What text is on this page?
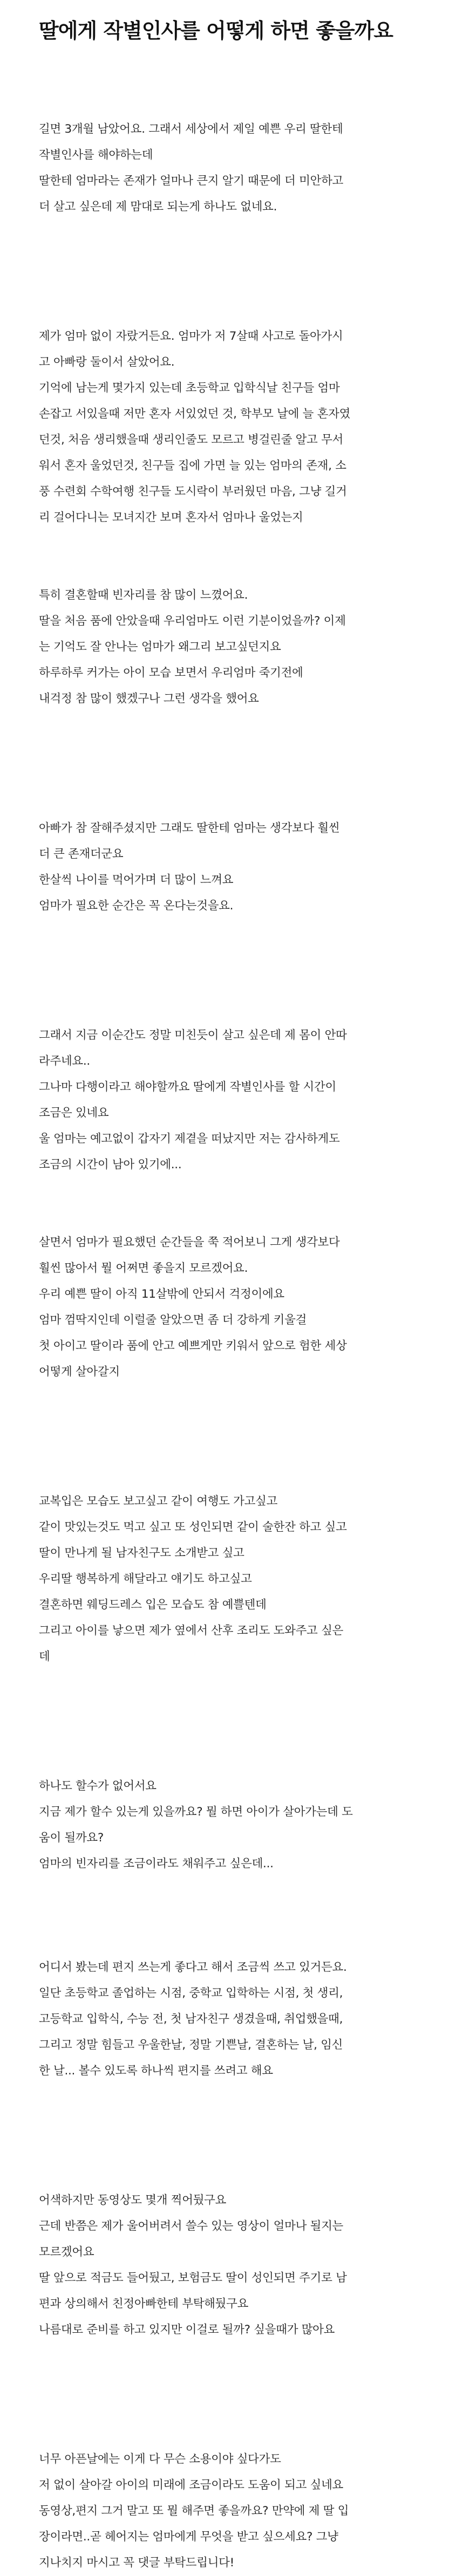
딸에게 작별인사를 어떻게 하면 좋을까요
길면 3개월 남았어요. 그래서 세상에서 제일 예쁜 우리 딸한테
작별인사를 해야하는데
딸한테 엄마라는 존재가 얼마나 큰지 알기 때문에 더 미안하고
더 살고 싶은데 제 맘대로 되는게 하나도 없네요.
제가 엄마 없이 자랐거든요. 엄마가 저 7살때 사고로 돌아가시
고 아빠랑 둘이서 살았어요.
기억에 남는게 몇가지 있는데 초등학교 입학식날 친구들 엄마
손잡고 서있을때 저만 혼자 서있었던 것, 학부모 날에 늘 혼자였
던것, 처음 생리했을때 생리인줄도 모르고 병걸린줄 알고 무서
워서 혼자 울었던것, 친구들 집에 가면 늘 있는 엄마의 존재, 소
풍 수련회 수학여행 친구들 도시락이 부러웠던 마음, 그냥 길거
리 걸어다니는 모녀지간 보며 혼자서 엄마나 울었는지
특히 결혼할때 빈자리를 참 많이 느꼈어요.
딸을 처음 품에 안았을때 우리엄마도 이런 기분이었을까? 이제
는 기억도 잘 안나는 엄마가 왜그리 보고싶던지요
하루하루 커가는 아이 모습 보면서 우리엄마 죽기전에
내걱정 참 많이 했겠구나 그런 생각을 했어요
아빠가 참 잘해주셨지만 그래도 딸한테 엄마는 생각보다 훨씬
더 큰 존재더군요
한살씩 나이를 먹어가며 더 많이 느껴요
엄마가 필요한 순간은 꼭 온다는것을요.
그래서 지금 이순간도 정말 미친듯이 살고 싶은데 제 몸이 안따
라주네요..
그나마 다행이라고 해야할까요 딸에게 작별인사를 할 시간이
조금은 있네요
울 엄마는 예고없이 갑자기 제곁을 떠났지만 저는 감사하게도
조금의 시간이 남아 있기에...
살면서 엄마가 필요했던 순간들을 쭉 적어보니 그게 생각보다
훨씬 많아서 뭘 어쩌면 좋을지 모르겠어요.
우리 예쁜 딸이 아직 11살밖에 안되서 걱정이에요
엄마 껌딱지인데 이럴줄 알았으면 좀 더 강하게 키울걸
첫 아이고 딸이라 품에 안고 예쁘게만 키워서 앞으로 험한 세상
어떻게 살아갈지
교복입은 모습도 보고싶고 같이 여행도 가고싶고
같이 맛있는것도 먹고 싶고 또 성인되면 같이 술한잔 하고 싶고
딸이 만나게 될 남자친구도 소개받고 싶고
우리딸 행복하게 해달라고 얘기도 하고싶고
결혼하면 웨딩드레스 입은 모습도 참 예쁠텐데
그리고 아이를 낳으면 제가 옆에서 산후 조리도 도와주고 싶은
데
하나도 할수가 없어서요
지금 제가 할수 있는게 있을까요? 뭘 하면 아이가 살아가는데 도
움이 될까요?
엄마의 빈자리를 조금이라도 채워주고 싶은데...
어디서 봤는데 편지 쓰는게 좋다고 해서 조금씩 쓰고 있거든요.
일단 초등학교 졸업하는 시점, 중학교 입학하는 시점, 첫 생리,
고등학교 입학식, 수능 전, 첫 남자친구 생겼을때, 취업했을때,
그리고 정말 힘들고 우울한날, 정말 기쁜날, 결혼하는 날, 임신
한 날... 볼수 있도록 하나씩 편지를 쓰려고 해요
어색하지만 동영상도 몇개 찍어뒀구요
근데 반쯤은 제가 울어버려서 쓸수 있는 영상이 얼마나 될지는
모르겠어요
딸 앞으로 적금도 들어뒀고, 보험금도 딸이 성인되면 주기로 남
편과 상의해서 친정아빠한테 부탁해뒀구요
나름대로 준비를 하고 있지만 이걸로 될까? 싶을때가 많아요
너무 아픈날에는 이게 다 무슨 소용이야 싶다가도
저 없이 살아갈 아이의 미래에 조금이라도 도움이 되고 싶네요
동영상,편지 그거 말고 또 뭘 해주면 좋을까요? 만약에 제 딸 입
장이라면..곧 헤어지는 엄마에게 무엇을 받고 싶으세요? 그냥
지나치지 마시고 꼭 댓글 부탁드립니다!
